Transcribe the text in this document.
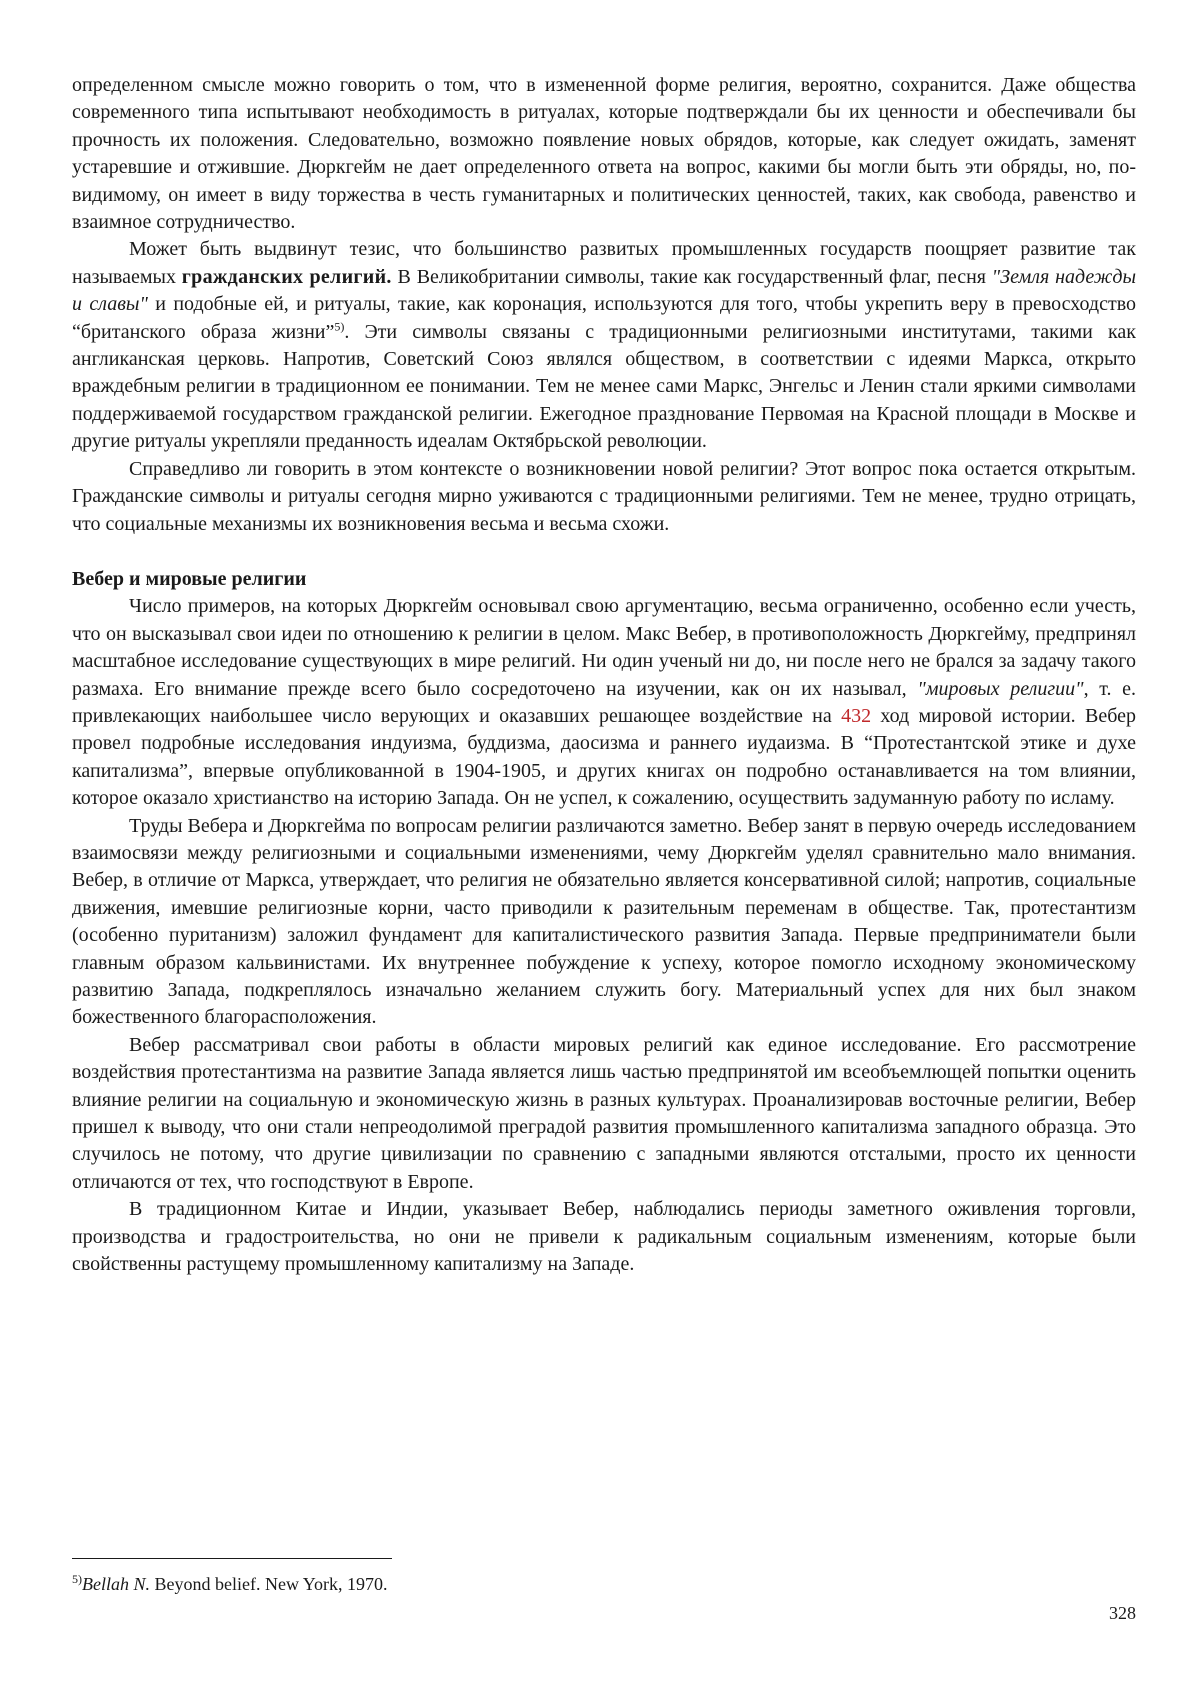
определенном смысле можно говорить о том, что в измененной форме религия, вероятно, сохранится. Даже общества современного типа испытывают необходимость в ритуалах, которые подтверждали бы их ценности и обеспечивали бы прочность их положения. Следовательно, возможно появление новых обрядов, которые, как следует ожидать, заменят устаревшие и отжившие. Дюркгейм не дает определенного ответа на вопрос, какими бы могли быть эти обряды, но, по-видимому, он имеет в виду торжества в честь гуманитарных и политических ценностей, таких, как свобода, равенство и взаимное сотрудничество.

Может быть выдвинут тезис, что большинство развитых промышленных государств поощряет развитие так называемых гражданских религий. В Великобритании символы, такие как государственный флаг, песня "Земля надежды и славы" и подобные ей, и ритуалы, такие, как коронация, используются для того, чтобы укрепить веру в превосходство “британского образа жизни”$^{5)}$. Эти символы связаны с традиционными религиозными институтами, такими как англиканская церковь. Напротив, Советский Союз являлся обществом, в соответствии с идеями Маркса, открыто враждебным религии в традиционном ее понимании. Тем не менее сами Маркс, Энгельс и Ленин стали яркими символами поддерживаемой государством гражданской религии. Ежегодное празднование Первомая на Красной площади в Москве и другие ритуалы укрепляли преданность идеалам Октябрьской революции.

Справедливо ли говорить в этом контексте о возникновении новой религии? Этот вопрос пока остается открытым. Гражданские символы и ритуалы сегодня мирно уживаются с традиционными религиями. Тем не менее, трудно отрицать, что социальные механизмы их возникновения весьма и весьма схожи.

Вебер и мировые религии

Число примеров, на которых Дюркгейм основывал свою аргументацию, весьма ограниченно, особенно если учесть, что он высказывал свои идеи по отношению к религии в целом. Макс Вебер, в противоположность Дюркгейму, предпринял масштабное исследование существующих в мире религий. Ни один ученый ни до, ни после него не брался за задачу такого размаха. Его внимание прежде всего было сосредоточено на изучении, как он их называл, "мировых религии", т. е. привлекающих наибольшее число верующих и оказавших решающее воздействие на 432 ход мировой истории. Вебер провел подробные исследования индуизма, буддизма, даосизма и раннего иудаизма. В “Протестантской этике и духе капитализма”, впервые опубликованной в 1904-1905, и других книгах он подробно останавливается на том влиянии, которое оказало христианство на историю Запада. Он не успел, к сожалению, осуществить задуманную работу по исламу.

Труды Вебера и Дюркгейма по вопросам религии различаются заметно. Вебер занят в первую очередь исследованием взаимосвязи между религиозными и социальными изменениями, чему Дюркгейм уделял сравнительно мало внимания. Вебер, в отличие от Маркса, утверждает, что религия не обязательно является консервативной силой; напротив, социальные движения, имевшие религиозные корни, часто приводили к разительным переменам в обществе. Так, протестантизм (особенно пуританизм) заложил фундамент для капиталистического развития Запада. Первые предприниматели были главным образом кальвинистами. Их внутреннее побуждение к успеху, которое помогло исходному экономическому развитию Запада, подкреплялось изначально желанием служить богу. Материальный успех для них был знаком божественного благорасположения.

Вебер рассматривал свои работы в области мировых религий как единое исследование. Его рассмотрение воздействия протестантизма на развитие Запада является лишь частью предпринятой им всеобъемлющей попытки оценить влияние религии на социальную и экономическую жизнь в разных культурах. Проанализировав восточные религии, Вебер пришел к выводу, что они стали непреодолимой преградой развития промышленного капитализма западного образца. Это случилось не потому, что другие цивилизации по сравнению с западными являются отсталыми, просто их ценности отличаются от тех, что господствуют в Европе.

В традиционном Китае и Индии, указывает Вебер, наблюдались периоды заметного оживления торговли, производства и градостроительства, но они не привели к радикальным социальным изменениям, которые были свойственны растущему промышленному капитализму на Западе.

$^{5)}$Bellah N. Beyond belief. New York, 1970.
328
